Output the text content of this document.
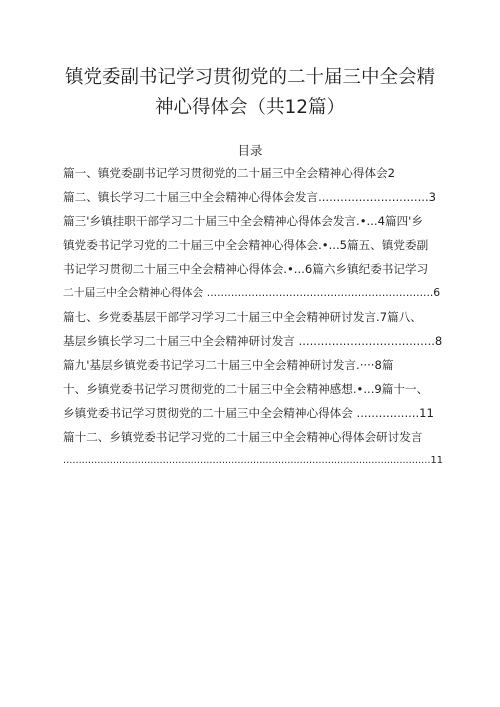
镇党委副书记学习贯彻党的二十届三中全会精
神心得体会（共12篇）
目录
篇一、镇党委副书记学习贯彻党的二十届三中全会精神心得体会2
篇二、镇长学习二十届三中全会精神心得体会发言..............................3
篇三'乡镇挂职干部学习二十届三中全会精神心得体会发言.•...4篇四'乡
镇党委书记学习党的二十届三中全会精神心得体会.•...5篇五、镇党委副
书记学习贯彻二十届三中全会精神心得体会.•...6篇六乡镇纪委书记学习
二十届三中全会精神心得体会 ..................................................................6
篇七、乡党委基层干部学习学习二十届三中全会精神研讨发言.7篇八、
基层乡镇长学习二十届三中全会精神研讨发言 .....................................8
篇九'基层乡镇党委书记学习二十届三中全会精神研讨发言.····8篇
十、乡镇党委书记学习贯彻党的二十届三中全会精神感想.•...9篇十一、
乡镇党委书记学习贯彻党的二十届三中全会精神心得体会 .................11
篇十二、乡镇党委书记学习党的二十届三中全会精神心得体会研讨发言
......................................................................................................................11
